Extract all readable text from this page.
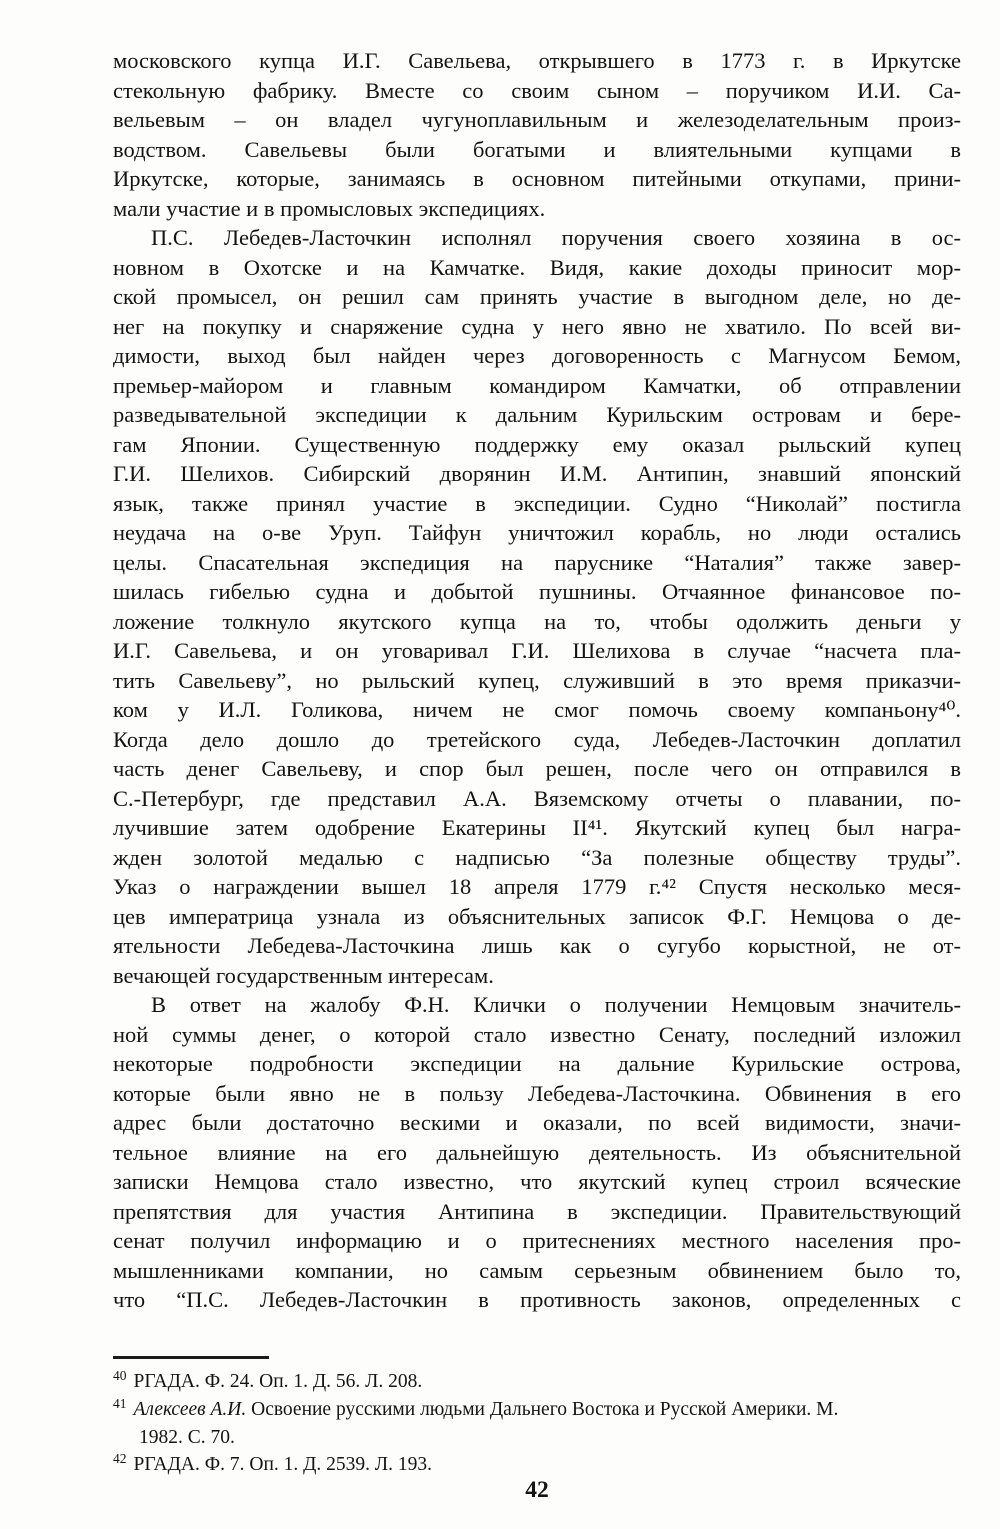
московского купца И.Г. Савельева, открывшего в 1773 г. в Иркутске
стекольную фабрику. Вместе со своим сыном – поручиком И.И. Са-
вельевым – он владел чугуноплавильным и железоделательным произ-
водством. Савельевы были богатыми и влиятельными купцами в
Иркутске, которые, занимаясь в основном питейными откупами, прини-
мали участие и в промысловых экспедициях.
П.С. Лебедев-Ласточкин исполнял поручения своего хозяина в ос-
новном в Охотске и на Камчатке. Видя, какие доходы приносит мор-
ской промысел, он решил сам принять участие в выгодном деле, но де-
нег на покупку и снаряжение судна у него явно не хватило. По всей ви-
димости, выход был найден через договоренность с Магнусом Бемом,
премьер-майором и главным командиром Камчатки, об отправлении
разведывательной экспедиции к дальним Курильским островам и бере-
гам Японии. Существенную поддержку ему оказал рыльский купец
Г.И. Шелихов. Сибирский дворянин И.М. Антипин, знавший японский
язык, также принял участие в экспедиции. Судно “Николай” постигла
неудача на о-ве Уруп. Тайфун уничтожил корабль, но люди остались
целы. Спасательная экспедиция на паруснике “Наталия” также завер-
шилась гибелью судна и добытой пушнины. Отчаянное финансовое по-
ложение толкнуло якутского купца на то, чтобы одолжить деньги у
И.Г. Савельева, и он уговаривал Г.И. Шелихова в случае “насчета пла-
тить Савельеву”, но рыльский купец, служивший в это время приказчи-
ком у И.Л. Голикова, ничем не смог помочь своему компаньону⁴⁰.
Когда дело дошло до третейского суда, Лебедев-Ласточкин доплатил
часть денег Савельеву, и спор был решен, после чего он отправился в
С.-Петербург, где представил А.А. Вяземскому отчеты о плавании, по-
лучившие затем одобрение Екатерины II⁴¹. Якутский купец был награ-
жден золотой медалью с надписью “За полезные обществу труды”.
Указ о награждении вышел 18 апреля 1779 г.⁴² Спустя несколько меся-
цев императрица узнала из объяснительных записок Ф.Г. Немцова о де-
ятельности Лебедева-Ласточкина лишь как о сугубо корыстной, не от-
вечающей государственным интересам.
В ответ на жалобу Ф.Н. Клички о получении Немцовым значитель-
ной суммы денег, о которой стало известно Сенату, последний изложил
некоторые подробности экспедиции на дальние Курильские острова,
которые были явно не в пользу Лебедева-Ласточкина. Обвинения в его
адрес были достаточно вескими и оказали, по всей видимости, значи-
тельное влияние на его дальнейшую деятельность. Из объяснительной
записки Немцова стало известно, что якутский купец строил всяческие
препятствия для участия Антипина в экспедиции. Правительствующий
сенат получил информацию и о притеснениях местного населения про-
мышленниками компании, но самым серьезным обвинением было то,
что “П.С. Лебедев-Ласточкин в противность законов, определенных с
40 РГАДА. Ф. 24. Оп. 1. Д. 56. Л. 208.
41 Алексеев А.И. Освоение русскими людьми Дальнего Востока и Русской Америки. М.
1982. С. 70.
42 РГАДА. Ф. 7. Оп. 1. Д. 2539. Л. 193.
42
